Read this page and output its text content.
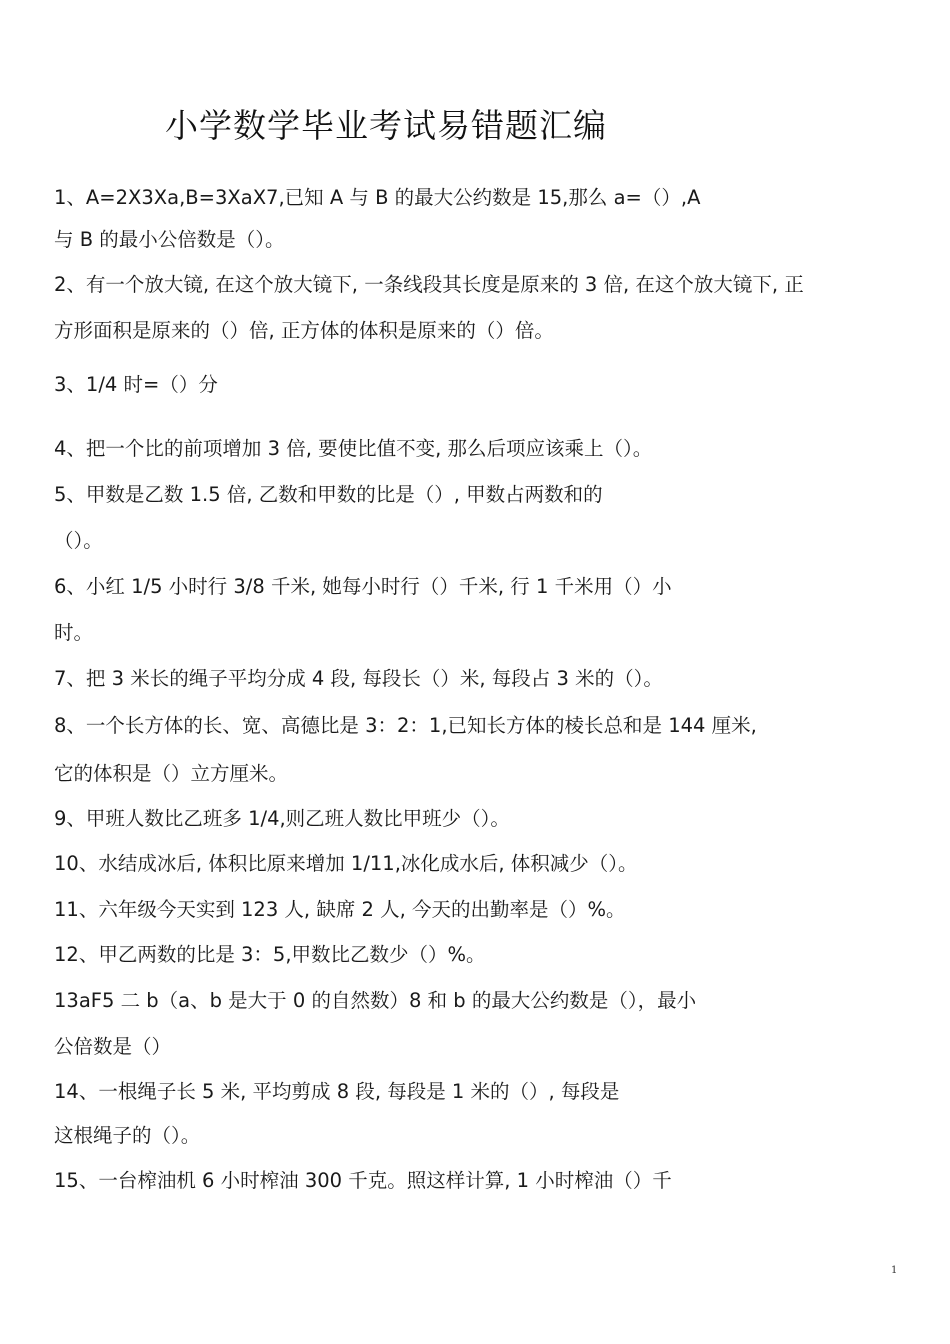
小学数学毕业考试易错题汇编
1、A=2X3Xa,B=3XaX7,已知 A 与 B 的最大公约数是 15,那么 a=（）,A
与 B 的最小公倍数是（）。
2、有一个放大镜, 在这个放大镜下, 一条线段其长度是原来的 3 倍, 在这个放大镜下, 正
方形面积是原来的（）倍, 正方体的体积是原来的（）倍。
3、1/4 时=（）分
4、把一个比的前项增加 3 倍, 要使比值不变, 那么后项应该乘上（）。
5、甲数是乙数 1.5 倍, 乙数和甲数的比是（）, 甲数占两数和的
（）。
6、小红 1/5 小时行 3/8 千米, 她每小时行（）千米, 行 1 千米用（）小
时。
7、把 3 米长的绳子平均分成 4 段, 每段长（）米, 每段占 3 米的（）。
8、一个长方体的长、宽、高德比是 3：2：1,已知长方体的棱长总和是 144 厘米,
它的体积是（）立方厘米。
9、甲班人数比乙班多 1/4,则乙班人数比甲班少（）。
10、水结成冰后, 体积比原来增加 1/11,冰化成水后, 体积减少（）。
11、六年级今天实到 123 人, 缺席 2 人, 今天的出勤率是（）%。
12、甲乙两数的比是 3：5,甲数比乙数少（）%。
13aF5 二 b（a、b 是大于 0 的自然数）8 和 b 的最大公约数是（），最小
公倍数是（）
14、一根绳子长 5 米, 平均剪成 8 段, 每段是 1 米的（）, 每段是
这根绳子的（）。
15、一台榨油机 6 小时榨油 300 千克。照这样计算, 1 小时榨油（）千
1
